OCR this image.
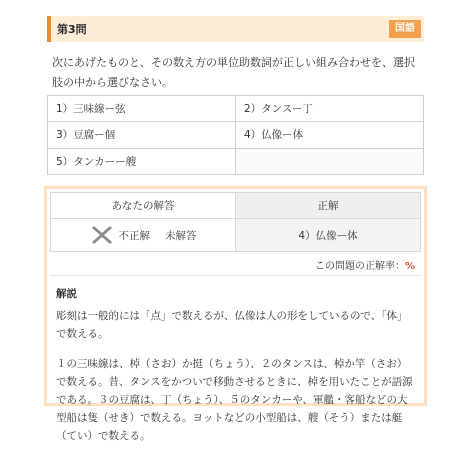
第3問	国語
次にあげたものと、その数え方の単位助数詞が正しい組み合わせを、選択肢の中から選びなさい。
1）三味線ー弦	2）タンスー丁
3）豆腐ー個	4）仏像ー体
5）タンカーー艘	
あなたの解答	正解

不正解 未解答	4）仏像ー体
この問題の正解率：%
解説

彫刻は一般的には「点」で数えるが、仏像は人の形をしているので、「体」で数える。

１の三味線は、棹（さお）か挺（ちょう）、２のタンスは、棹か竿（さお）で数える。昔、タンスをかついで移動させるときに、棹を用いたことが語源である。３の豆腐は、丁（ちょう）、５のタンカーや、軍艦・客船などの大型船は隻（せき）で数える。ヨットなどの小型船は、艘（そう）または艇（てい）で数える。
